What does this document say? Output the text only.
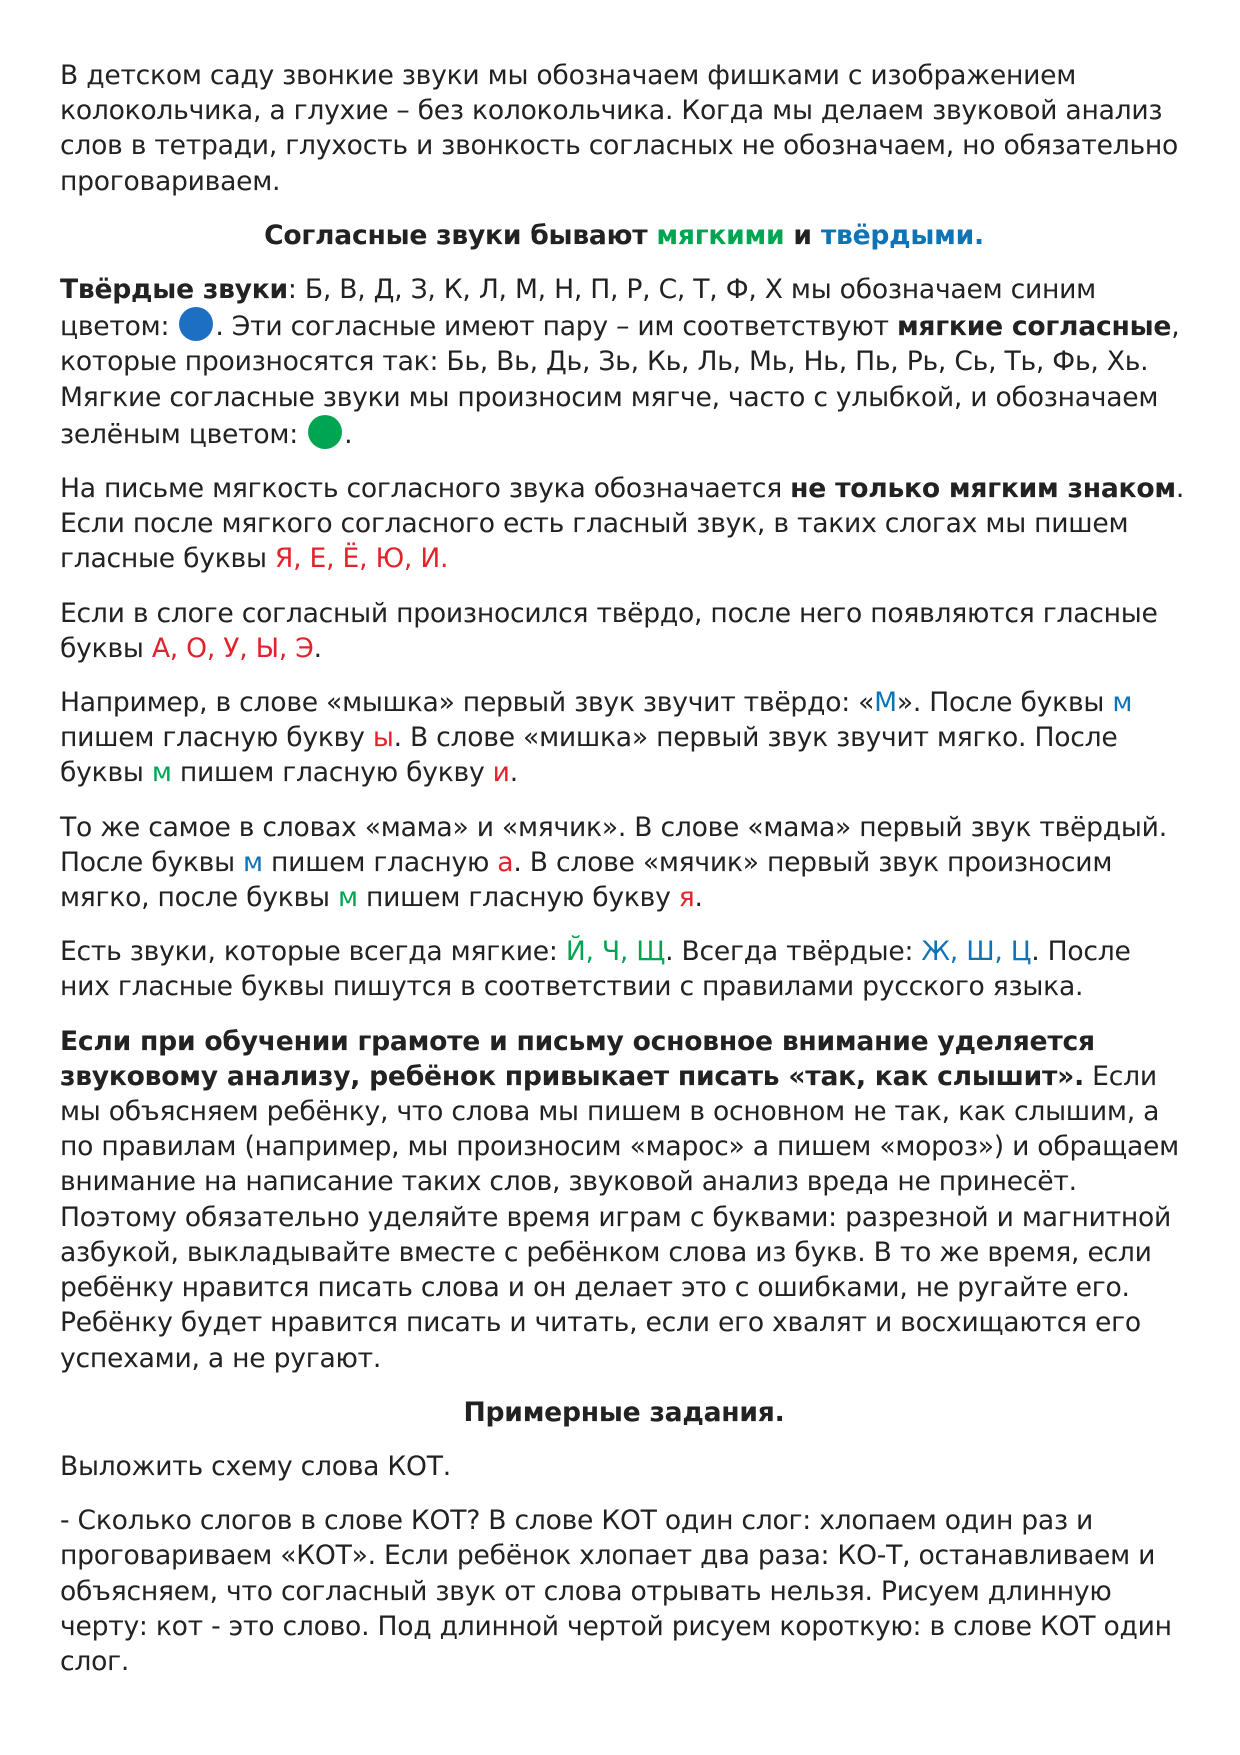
В детском саду звонкие звуки мы обозначаем фишками с изображением колокольчика, а глухие – без колокольчика. Когда мы делаем звуковой анализ слов в тетради, глухость и звонкость согласных не обозначаем, но обязательно проговариваем.

Согласные звуки бывают мягкими и твёрдыми.

Твёрдые звуки: Б, В, Д, З, К, Л, М, Н, П, Р, С, Т, Ф, Х мы обозначаем синим цветом: . Эти согласные имеют пару – им соответствуют мягкие согласные, которые произносятся так: Бь, Вь, Дь, Зь, Кь, Ль, Мь, Нь, Пь, Рь, Сь, Ть, Фь, Хь. Мягкие согласные звуки мы произносим мягче, часто с улыбкой, и обозначаем зелёным цветом: .

На письме мягкость согласного звука обозначается не только мягким знаком. Если после мягкого согласного есть гласный звук, в таких слогах мы пишем гласные буквы Я, Е, Ё, Ю, И.

Если в слоге согласный произносился твёрдо, после него появляются гласные буквы А, О, У, Ы, Э.

Например, в слове «мышка» первый звук звучит твёрдо: «М». После буквы м пишем гласную букву ы. В слове «мишка» первый звук звучит мягко. После буквы м пишем гласную букву и.

То же самое в словах «мама» и «мячик». В слове «мама» первый звук твёрдый. После буквы м пишем гласную а. В слове «мячик» первый звук произносим мягко, после буквы м пишем гласную букву я.

Есть звуки, которые всегда мягкие: Й, Ч, Щ. Всегда твёрдые: Ж, Ш, Ц. После них гласные буквы пишутся в соответствии с правилами русского языка.

Если при обучении грамоте и письму основное внимание уделяется звуковому анализу, ребёнок привыкает писать «так, как слышит». Если мы объясняем ребёнку, что слова мы пишем в основном не так, как слышим, а по правилам (например, мы произносим «марос» а пишем «мороз») и обращаем внимание на написание таких слов, звуковой анализ вреда не принесёт. Поэтому обязательно уделяйте время играм с буквами: разрезной и магнитной азбукой, выкладывайте вместе с ребёнком слова из букв. В то же время, если ребёнку нравится писать слова и он делает это с ошибками, не ругайте его. Ребёнку будет нравится писать и читать, если его хвалят и восхищаются его успехами, а не ругают.

Примерные задания.

Выложить схему слова КОТ.

- Сколько слогов в слове КОТ? В слове КОТ один слог: хлопаем один раз и проговариваем «КОТ». Если ребёнок хлопает два раза: КО-Т, останавливаем и объясняем, что согласный звук от слова отрывать нельзя. Рисуем длинную черту: кот - это слово. Под длинной чертой рисуем короткую: в слове КОТ один слог.
